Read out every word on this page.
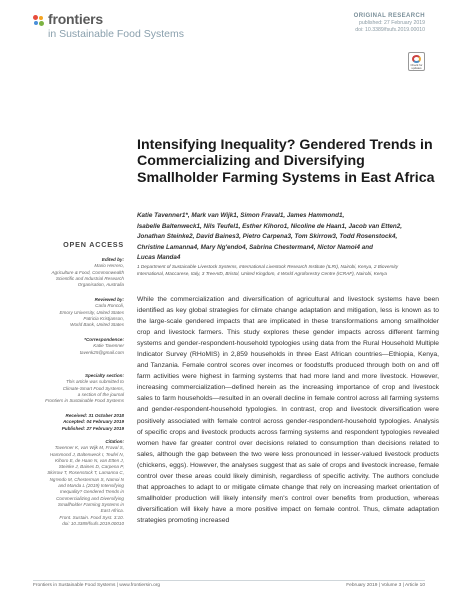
frontiers
in Sustainable Food Systems
ORIGINAL RESEARCH
published: 27 February 2019
doi: 10.3389/fsufs.2019.00010
Check for updates
Intensifying Inequality? Gendered Trends in Commercializing and Diversifying Smallholder Farming Systems in East Africa
Katie Tavenner1*, Mark van Wijk1, Simon Fraval1, James Hammond1,
Isabelle Baltenweck1, Nils Teufel1, Esther Kihoro1, Nicoline de Haan1, Jacob van Etten2,
Jonathan Steinke2, David Baines3, Pietro Carpena3, Tom Skirrow3, Todd Rosenstock4,
Christine Lamanna4, Mary Ng'endo4, Sabrina Chesterman4, Nictor Namoi4 and
Lucas Manda4
1 Department of Sustainable Livestock Systems, International Livestock Research Institute (ILRI), Nairobi, Kenya, 2 Bioversity
International, Maccarese, Italy, 3 TreeAID, Bristol, United Kingdom, 4 World Agroforestry Centre (ICRAF), Nairobi, Kenya
OPEN ACCESS
Edited by:
Mario Herrero,
Agriculture & Food, Commonwealth
Scientific and Industrial Research
Organisation, Australia
Reviewed by:
Carla Roncoli,
Emory University, United States
Patricia Kristjanson,
World Bank, United States
*Correspondence:
Katie Tavenner
tavenk25@gmail.com
Specialty section:
This article was submitted to
Climate-Smart Food Systems,
a section of the journal
Frontiers in Sustainable Food Systems
Received: 31 October 2018
Accepted: 04 February 2019
Published: 27 February 2019
Citation:
Tavenner K, van Wijk M, Fraval S,
Hammond J, Baltenweck I, Teufel N,
Kihoro E, de Haan N, van Etten J,
Steinke J, Baines D, Carpena P,
Skirrow T, Rosenstock T, Lamanna C,
Ng'endo M, Chesterman S, Namoi N
and Manda L (2019) Intensifying
Inequality? Gendered Trends in
Commercializing and Diversifying
Smallholder Farming Systems in
East Africa.
Front. Sustain. Food Syst. 3:10.
doi: 10.3389/fsufs.2019.00010

While the commercialization and diversification of agricultural and livestock systems have been identified as key global strategies for climate change adaptation and mitigation, less is known as to the large-scale gendered impacts that are implicated in these transformations among smallholder crop and livestock farmers. This study explores these gender impacts across different farming systems and gender-respondent-household typologies using data from the Rural Household Multiple Indicator Survey (RHoMIS) in 2,859 households in three East African countries—Ethiopia, Kenya, and Tanzania. Female control scores over incomes or foodstuffs produced through both on and off farm activities were highest in farming systems that had more land and more livestock. However, increasing commercialization—defined herein as the increasing importance of crop and livestock sales to farm households—resulted in an overall decline in female control across all farming systems and gender-respondent-household typologies. In contrast, crop and livestock diversification were positively associated with female control across gender-respondent-household typologies. Analysis of specific crops and livestock products across farming systems and respondent typologies revealed women have far greater control over decisions related to consumption than decisions related to sales, although the gap between the two were less pronounced in lesser-valued livestock products (chickens, eggs). However, the analyses suggest that as sale of crops and livestock increase, female control over these areas could likely diminish, regardless of specific activity. The authors conclude that approaches to adapt to or mitigate climate change that rely on increasing market orientation of smallholder production will likely intensify men's control over benefits from production, whereas diversification will likely have a more positive impact on female control. Thus, climate adaptation strategies promoting increased

Frontiers in Sustainable Food Systems | www.frontiersin.org	February 2019 | Volume 3 | Article 10
